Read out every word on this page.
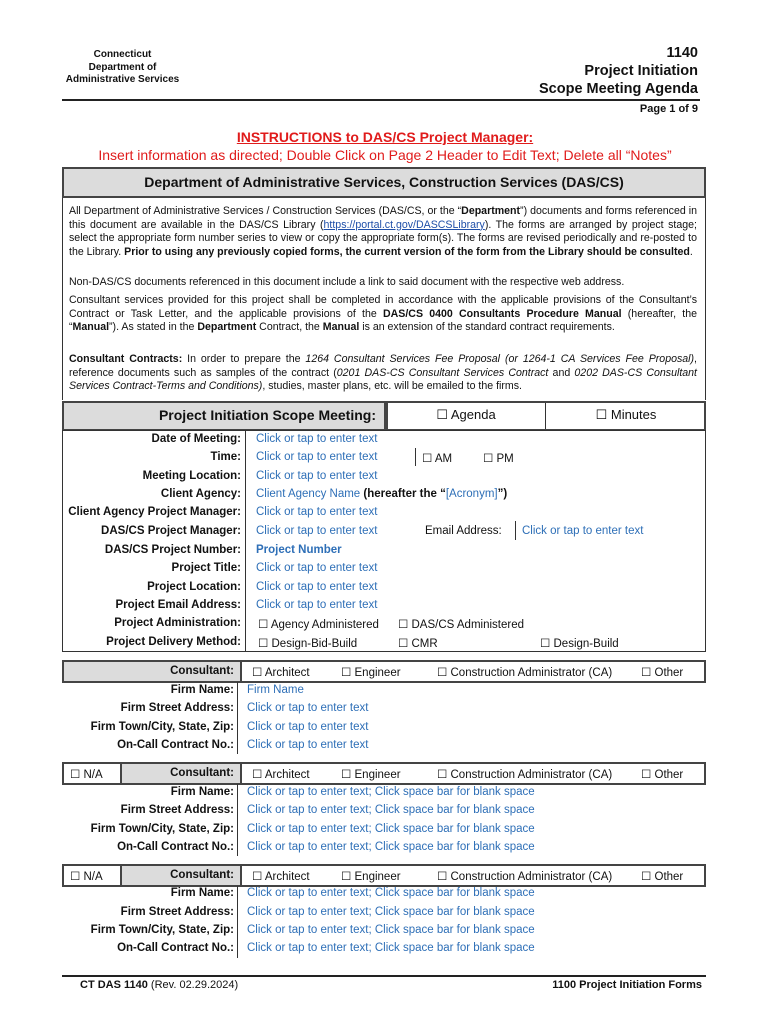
Connecticut
Department of
Administrative Services
1140
Project Initiation
Scope Meeting Agenda
Page 1 of 9
INSTRUCTIONS to DAS/CS Project Manager:
Insert information as directed; Double Click on Page 2 Header to Edit Text; Delete all “Notes”
Department of Administrative Services, Construction Services (DAS/CS)
All Department of Administrative Services / Construction Services (DAS/CS, or the “Department”) documents and forms referenced in this document are available in the DAS/CS Library (https://portal.ct.gov/DASCSLibrary). The forms are arranged by project stage; select the appropriate form number series to view or copy the appropriate form(s). The forms are revised periodically and re-posted to the Library. Prior to using any previously copied forms, the current version of the form from the Library should be consulted.
Non-DAS/CS documents referenced in this document include a link to said document with the respective web address.
Consultant services provided for this project shall be completed in accordance with the applicable provisions of the Consultant’s Contract or Task Letter, and the applicable provisions of the DAS/CS 0400 Consultants Procedure Manual (hereafter, the “Manual”). As stated in the Department Contract, the Manual is an extension of the standard contract requirements.
Consultant Contracts: In order to prepare the 1264 Consultant Services Fee Proposal (or 1264-1 CA Services Fee Proposal), reference documents such as samples of the contract (0201 DAS-CS Consultant Services Contract and 0202 DAS-CS Consultant Services Contract-Terms and Conditions), studies, master plans, etc. will be emailed to the firms.
Project Initiation Scope Meeting:	☐ Agenda	☐ Minutes
Date of Meeting: Click or tap to enter text
Time: Click or tap to enter text	☐ AM	☐ PM
Meeting Location: Click or tap to enter text
Client Agency: Client Agency Name (hereafter the “[Acronym]”)
Client Agency Project Manager: Click or tap to enter text
DAS/CS Project Manager: Click or tap to enter text	Email Address: Click or tap to enter text
DAS/CS Project Number: Project Number
Project Title: Click or tap to enter text
Project Location: Click or tap to enter text
Project Email Address: Click or tap to enter text
Project Administration: ☐ Agency Administered ☐ DAS/CS Administered
Project Delivery Method: ☐ Design-Bid-Build	☐ CMR	☐ Design-Build
Consultant: ☐ Architect	☐ Engineer	☐ Construction Administrator (CA)	☐ Other
Firm Name: Firm Name
Firm Street Address: Click or tap to enter text
Firm Town/City, State, Zip: Click or tap to enter text
On-Call Contract No.: Click or tap to enter text
☐ N/A	Consultant: ☐ Architect	☐ Engineer	☐ Construction Administrator (CA)	☐ Other
Firm Name: Click or tap to enter text; Click space bar for blank space
Firm Street Address: Click or tap to enter text; Click space bar for blank space
Firm Town/City, State, Zip: Click or tap to enter text; Click space bar for blank space
On-Call Contract No.: Click or tap to enter text; Click space bar for blank space
☐ N/A	Consultant: ☐ Architect	☐ Engineer	☐ Construction Administrator (CA)	☐ Other
Firm Name: Click or tap to enter text; Click space bar for blank space
Firm Street Address: Click or tap to enter text; Click space bar for blank space
Firm Town/City, State, Zip: Click or tap to enter text; Click space bar for blank space
On-Call Contract No.: Click or tap to enter text; Click space bar for blank space
CT DAS 1140 (Rev. 02.29.2024)	1100 Project Initiation Forms
